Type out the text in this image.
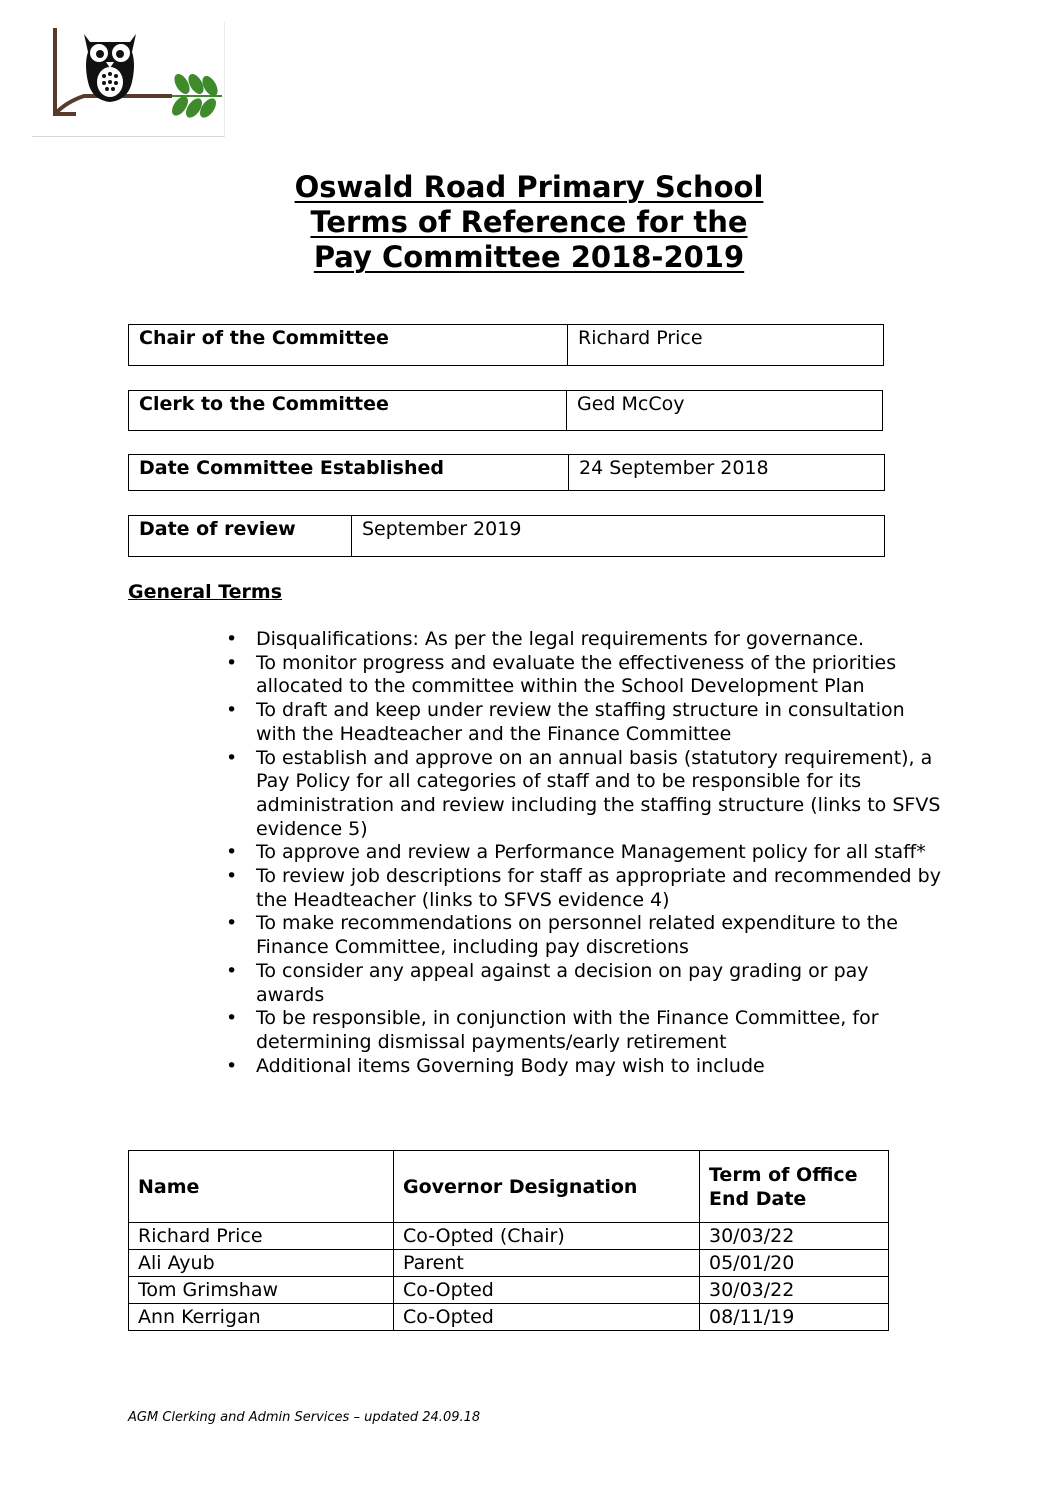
Oswald Road Primary School
Terms of Reference for the
Pay Committee 2018-2019
Chair of the Committee	Richard Price
Clerk to the Committee	Ged McCoy
Date Committee Established	24 September 2018
Date of review	September 2019
General Terms
• Disqualifications: As per the legal requirements for governance.
• To monitor progress and evaluate the effectiveness of the priorities allocated to the committee within the School Development Plan
• To draft and keep under review the staffing structure in consultation with the Headteacher and the Finance Committee
• To establish and approve on an annual basis (statutory requirement), a Pay Policy for all categories of staff and to be responsible for its administration and review including the staffing structure (links to SFVS evidence 5)
• To approve and review a Performance Management policy for all staff*
• To review job descriptions for staff as appropriate and recommended by the Headteacher (links to SFVS evidence 4)
• To make recommendations on personnel related expenditure to the Finance Committee, including pay discretions
• To consider any appeal against a decision on pay grading or pay awards
• To be responsible, in conjunction with the Finance Committee, for determining dismissal payments/early retirement
• Additional items Governing Body may wish to include
Name	Governor Designation	Term of Office End Date
Richard Price	Co-Opted (Chair)	30/03/22
Ali Ayub	Parent	05/01/20
Tom Grimshaw	Co-Opted	30/03/22
Ann Kerrigan	Co-Opted	08/11/19
AGM Clerking and Admin Services – updated 24.09.18
